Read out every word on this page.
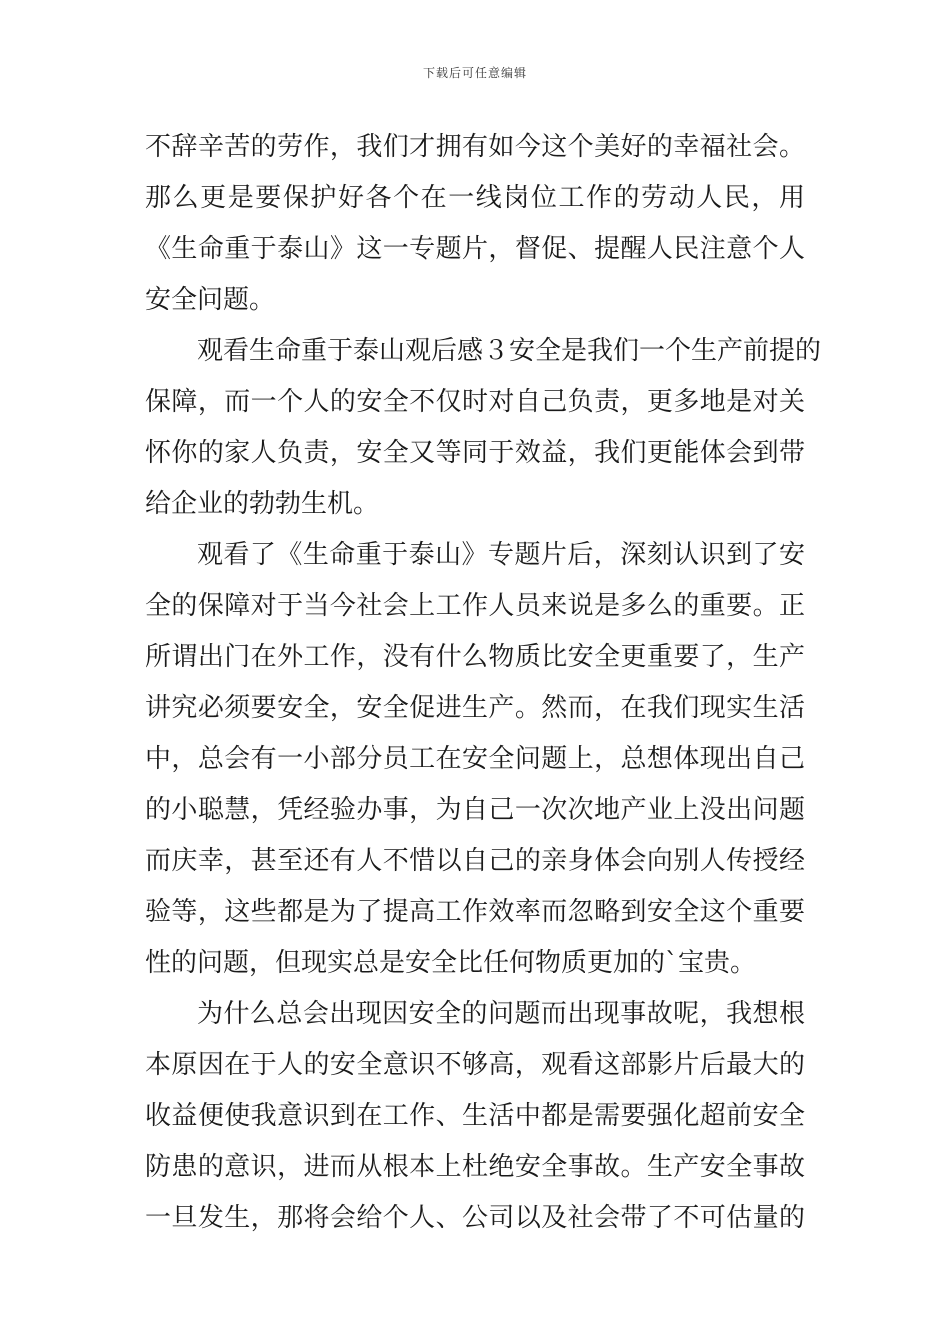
下载后可任意编辑
不辞辛苦的劳作，我们才拥有如今这个美好的幸福社会。
那么更是要保护好各个在一线岗位工作的劳动人民，用
《生命重于泰山》这一专题片，督促、提醒人民注意个人
安全问题。
观看生命重于泰山观后感３安全是我们一个生产前提的
保障，而一个人的安全不仅时对自己负责，更多地是对关
怀你的家人负责，安全又等同于效益，我们更能体会到带
给企业的勃勃生机。
观看了《生命重于泰山》专题片后，深刻认识到了安
全的保障对于当今社会上工作人员来说是多么的重要。正
所谓出门在外工作，没有什么物质比安全更重要了，生产
讲究必须要安全，安全促进生产。然而，在我们现实生活
中，总会有一小部分员工在安全问题上，总想体现出自己
的小聪慧，凭经验办事，为自己一次次地产业上没出问题
而庆幸，甚至还有人不惜以自己的亲身体会向别人传授经
验等，这些都是为了提高工作效率而忽略到安全这个重要
性的问题，但现实总是安全比任何物质更加的`宝贵。
为什么总会出现因安全的问题而出现事故呢，我想根
本原因在于人的安全意识不够高，观看这部影片后最大的
收益便使我意识到在工作、生活中都是需要强化超前安全
防患的意识，进而从根本上杜绝安全事故。生产安全事故
一旦发生，那将会给个人、公司以及社会带了不可估量的
